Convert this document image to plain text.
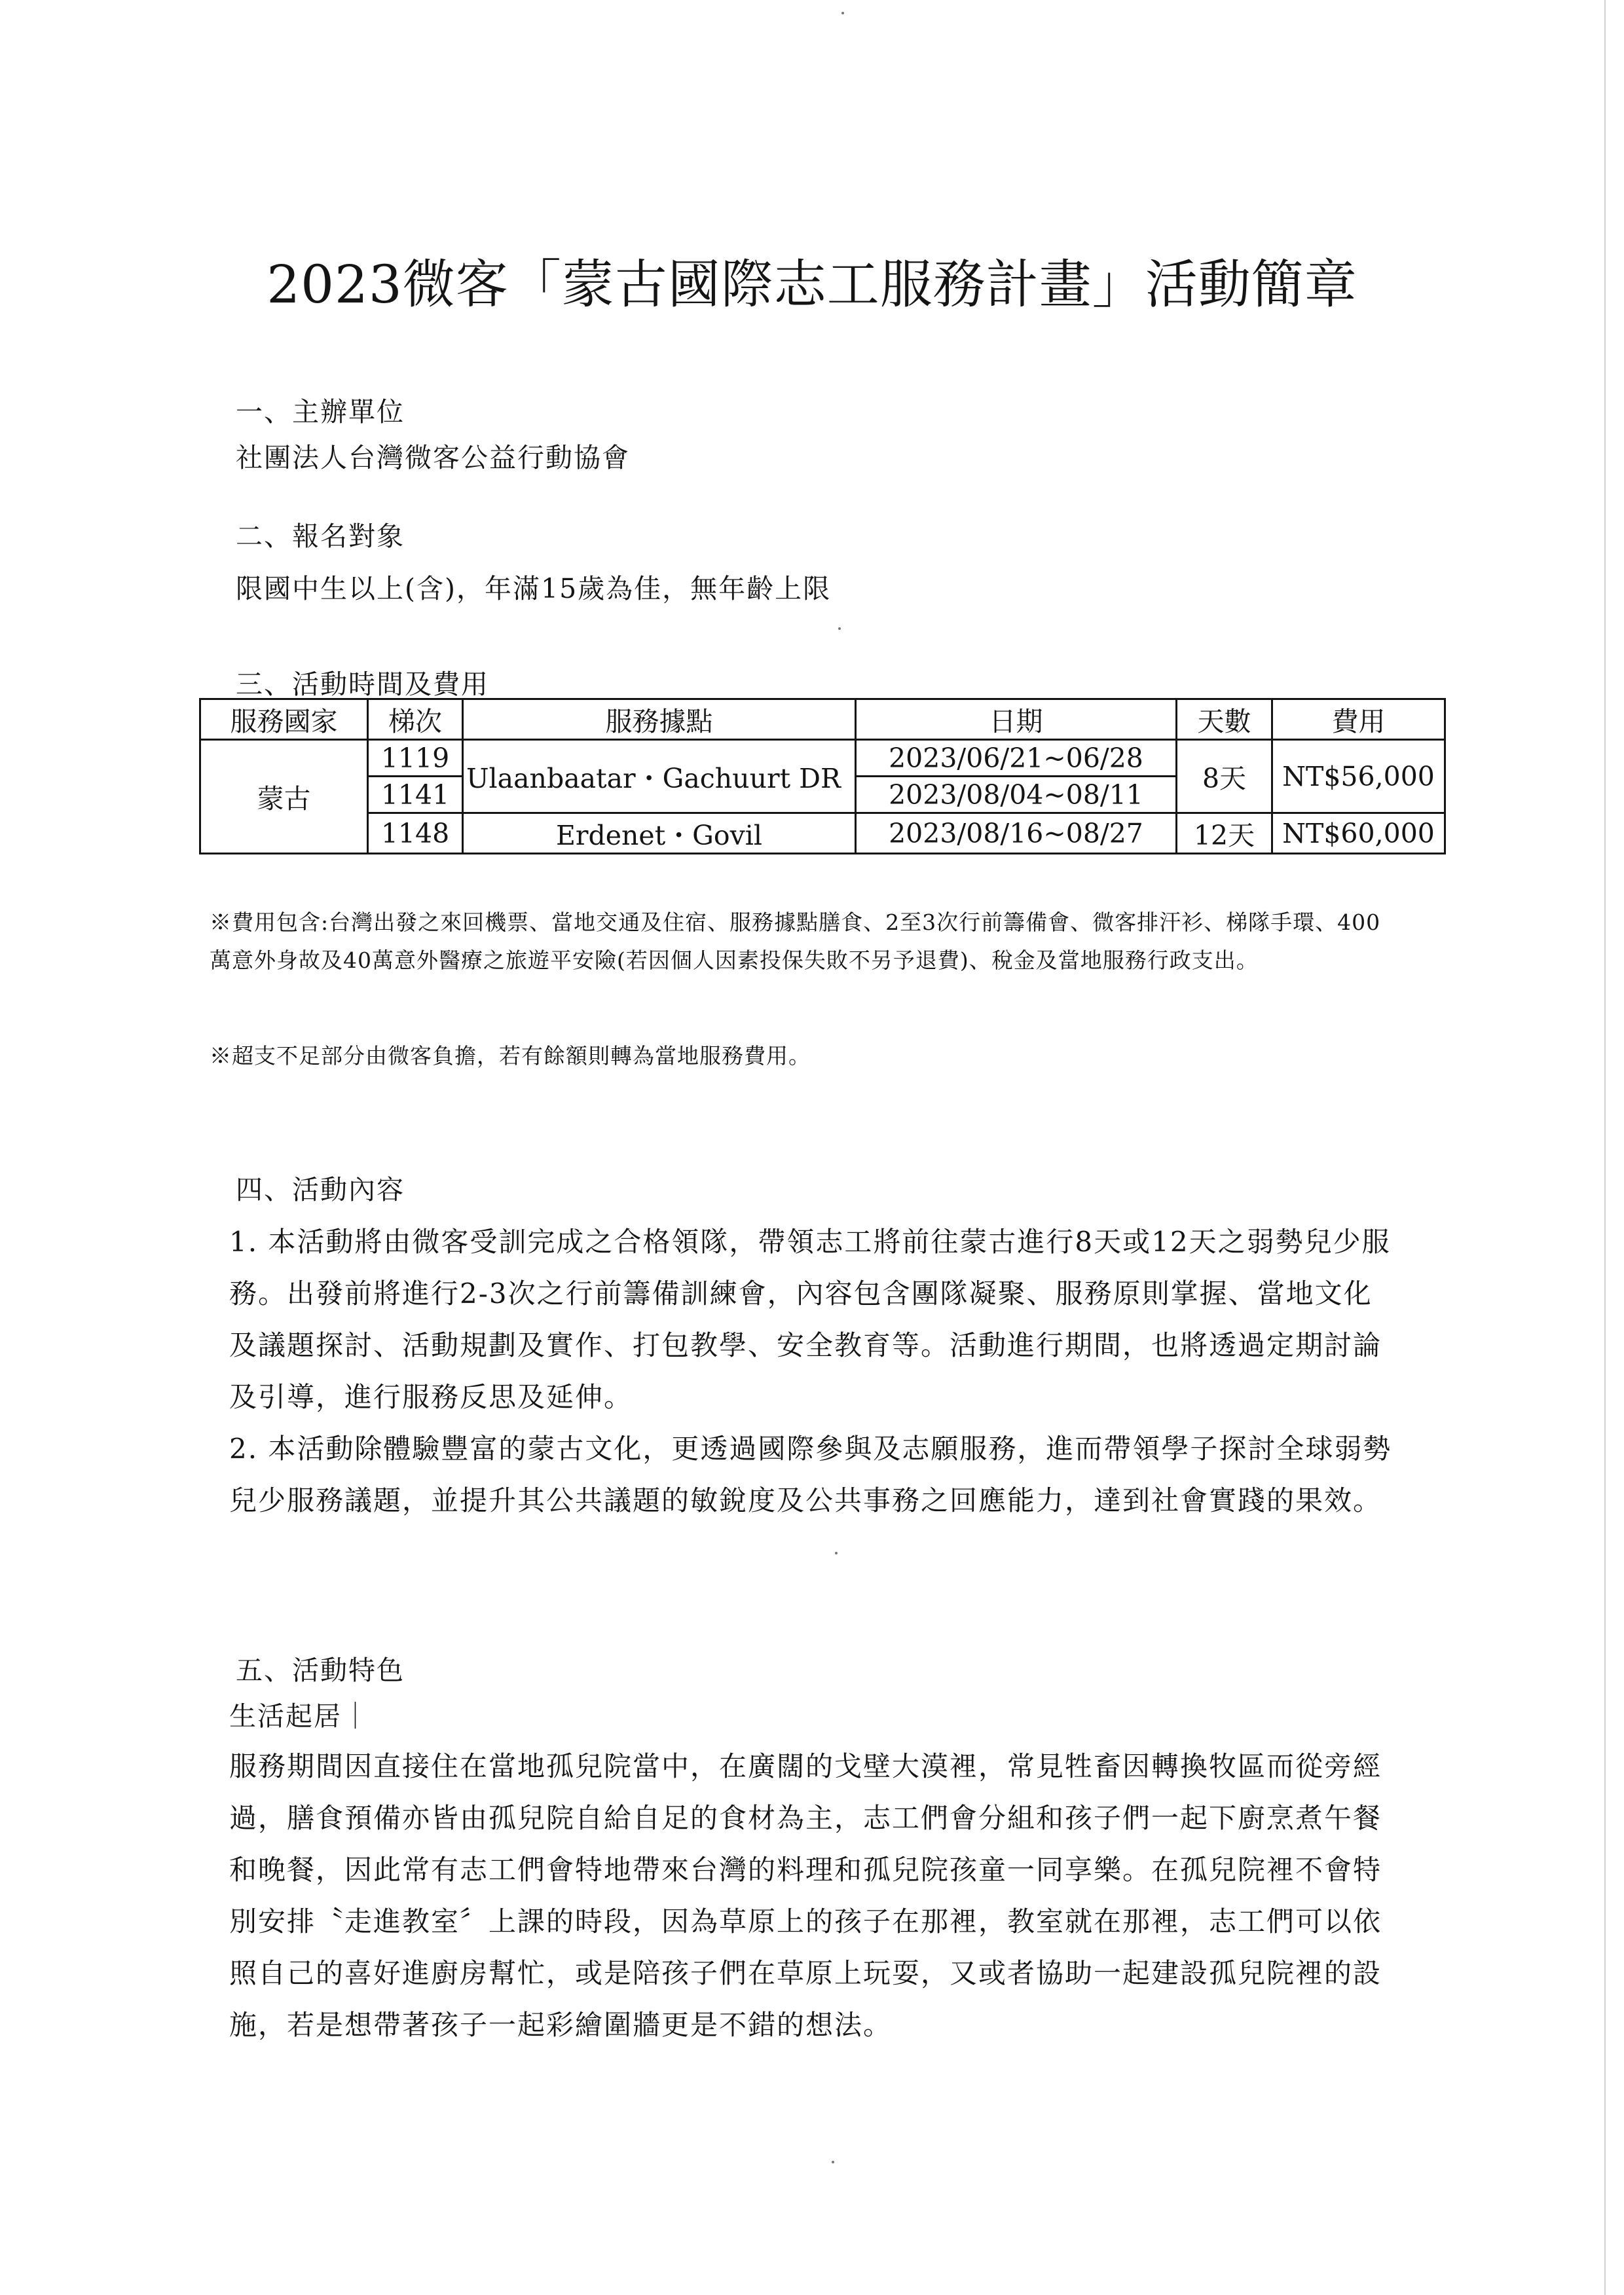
2023微客「蒙古國際志工服務計畫」活動簡章
一、主辦單位

社團法人台灣微客公益行動協會

二、報名對象

限國中生以上(含)，年滿15歲為佳，無年齡上限

三、活動時間及費用
服務國家	梯次	服務據點	日期	天數	費用
蒙古	1119	Ulaanbaatar・Gachuurt DR	2023/06/21~06/28	8天	NT$56,000
	1141		2023/08/04~08/11		
	1148	Erdenet・Govil	2023/08/16~08/27	12天	NT$60,000

※費用包含:台灣出發之來回機票、當地交通及住宿、服務據點膳食、2至3次行前籌備會、微客排汗衫、梯隊手環、400萬意外身故及40萬意外醫療之旅遊平安險(若因個人因素投保失敗不另予退費)、稅金及當地服務行政支出。

※超支不足部分由微客負擔，若有餘額則轉為當地服務費用。

四、活動內容

1. 本活動將由微客受訓完成之合格領隊，帶領志工將前往蒙古進行8天或12天之弱勢兒少服務。出發前將進行2-3次之行前籌備訓練會，內容包含團隊凝聚、服務原則掌握、當地文化及議題探討、活動規劃及實作、打包教學、安全教育等。活動進行期間，也將透過定期討論及引導，進行服務反思及延伸。

2. 本活動除體驗豐富的蒙古文化，更透過國際參與及志願服務，進而帶領學子探討全球弱勢兒少服務議題，並提升其公共議題的敏銳度及公共事務之回應能力，達到社會實踐的果效。

五、活動特色

生活起居｜

服務期間因直接住在當地孤兒院當中，在廣闊的戈壁大漠裡，常見牲畜因轉換牧區而從旁經過，膳食預備亦皆由孤兒院自給自足的食材為主，志工們會分組和孩子們一起下廚烹煮午餐和晚餐，因此常有志工們會特地帶來台灣的料理和孤兒院孩童一同享樂。在孤兒院裡不會特別安排〝走進教室〞上課的時段，因為草原上的孩子在那裡，教室就在那裡，志工們可以依照自己的喜好進廚房幫忙，或是陪孩子們在草原上玩耍，又或者協助一起建設孤兒院裡的設施，若是想帶著孩子一起彩繪圍牆更是不錯的想法。
